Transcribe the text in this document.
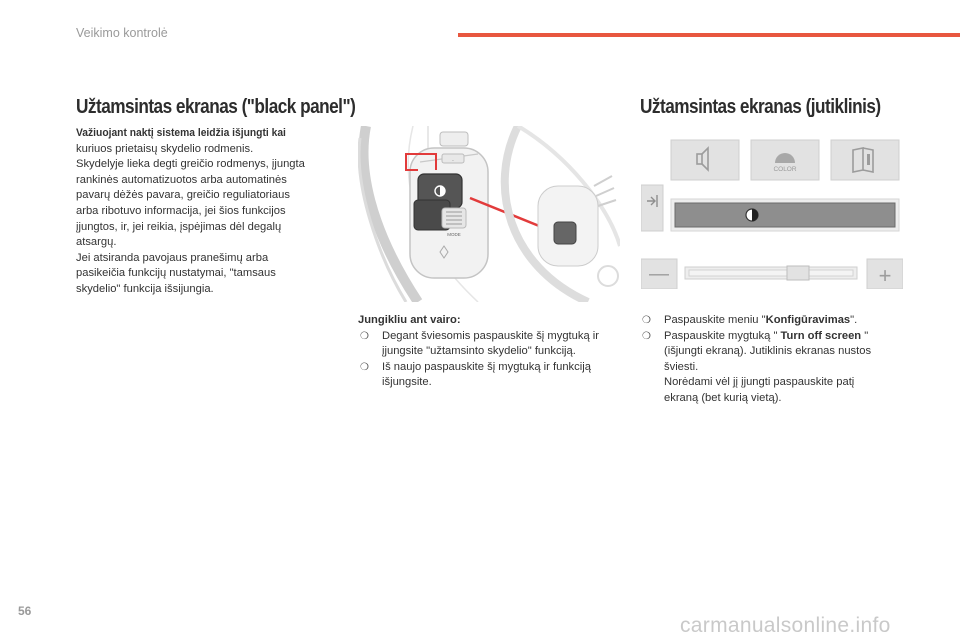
Veikimo kontrolė
Užtamsintas ekranas ("black panel")
Važiuojant naktį sistema leidžia išjungti kai

kuriuos prietaisų skydelio rodmenis.

Skydelyje lieka degti greičio rodmenys, įjungta

rankinės automatizuotos arba automatinės

pavarų dėžės pavara, greičio reguliatoriaus

arba ribotuvo informacija, jei šios funkcijos

įjungtos, ir, jei reikia, įspėjimas dėl degalų

atsargų.

Jei atsiranda pavojaus pranešimų arba

pasikeičia funkcijų nustatymai, "tamsaus

skydelio" funkcija išsijungia.

-
MODE
Jungikliu ant vairo:
❍ Degant šviesomis paspauskite šį mygtuką ir
įjungsite "užtamsinto skydelio" funkciją.
❍ Iš naujo paspauskite šį mygtuką ir funkciją
išjungsite.
Užtamsintas ekranas (jutiklinis)
COLOR
—	+
❍ Paspauskite meniu "Konfigūravimas".
❍ Paspauskite mygtuką " Turn off screen "
(išjungti ekraną). Jutiklinis ekranas nustos
šviesti.
Norėdami vėl jį įjungti paspauskite patį
ekraną (bet kurią vietą).
56
carmanualsonline.info
